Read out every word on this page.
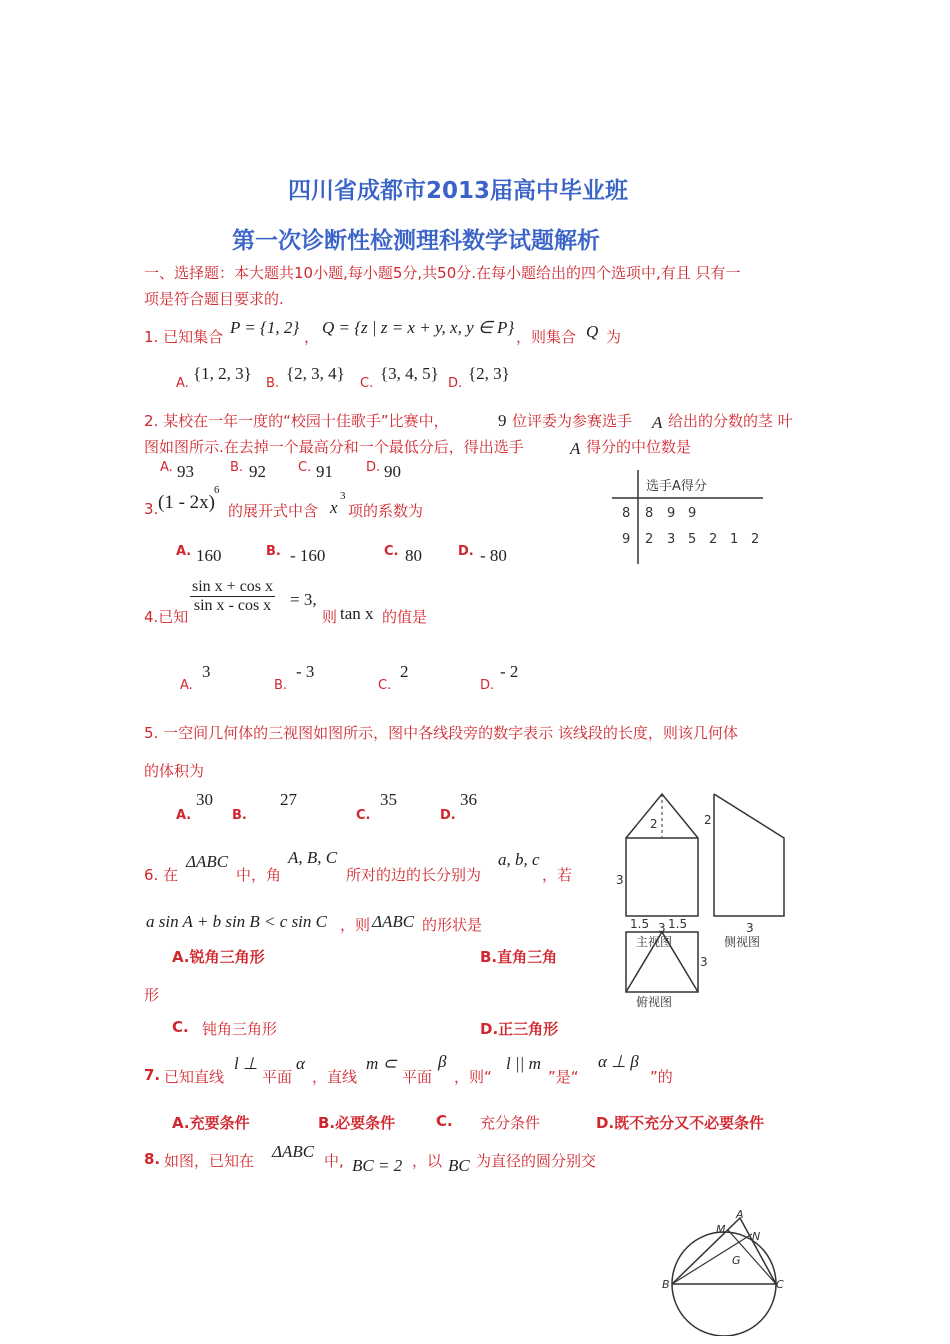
四川省成都市2013届高中毕业班
第一次诊断性检测理科数学试题解析
一、选择题：本大题共10小题,每小题5分,共50分.在每小题给出的四个选项中,有且 只有一
项是符合题目要求的.
1. 已知集合 P = {1, 2} ， Q = {z | z = x + y, x, y ∈ P} ，则集合 Q 为
A.
{1, 2, 3}
B.
{2, 3, 4}
C.
{3, 4, 5}
D.
{2, 3}
2. 某校在一年一度的“校园十佳歌手”比赛中，	9 位评委为参赛选手 A 给出的分数的茎 叶
图如图所示.在去掉一个最高分和一个最低分后，得出选手	A 得分的中位数是
A. 93	B. 92 C. 91	D. 90
选手A得分
8 8 9 9
9 2 3 5 2 1 2
3. (1 - 2x)
6
的展开式中含 x
3
项的系数为
A. 160	B. - 160	C. 80	D. - 80
4.已知
$\frac{\text{sin x + cos x}}{\text{sin x - cos x}} = 3$,
则 tan x 的值是
A.
3
B.
- 3
C.
2
D.
- 2
5. 一空间几何体的三视图如图所示，图中各线段旁的数字表示 该线段的长度，则该几何体
的体积为
A.
30
B.
27
C.
35
D.
36
2
3
3
主视图
2
3
侧视图
1.5 1.5
3
俯视图
6. 在
ΔABC
中，角
A, B, C
所对的边的长分别为
a, b, c
，若
a sin A + b sin B < c sin C ，则 ΔABC 的形状是
A.锐角三角形	B.直角三角
形
C. 钝角三角形	D.正三角形
7. 已知直线
l ⊥
平面
α
，直线
m ⊂
平面
β
，则“
l || m
”是“
α ⊥ β
”的
A.充要条件	B.必要条件	C. 充分条件	D.既不充分又不必要条件
8. 如图，已知在 ΔABC 中, BC = 2 ，以 BC 为直径的圆分别交
A
M
N
G
B	C
